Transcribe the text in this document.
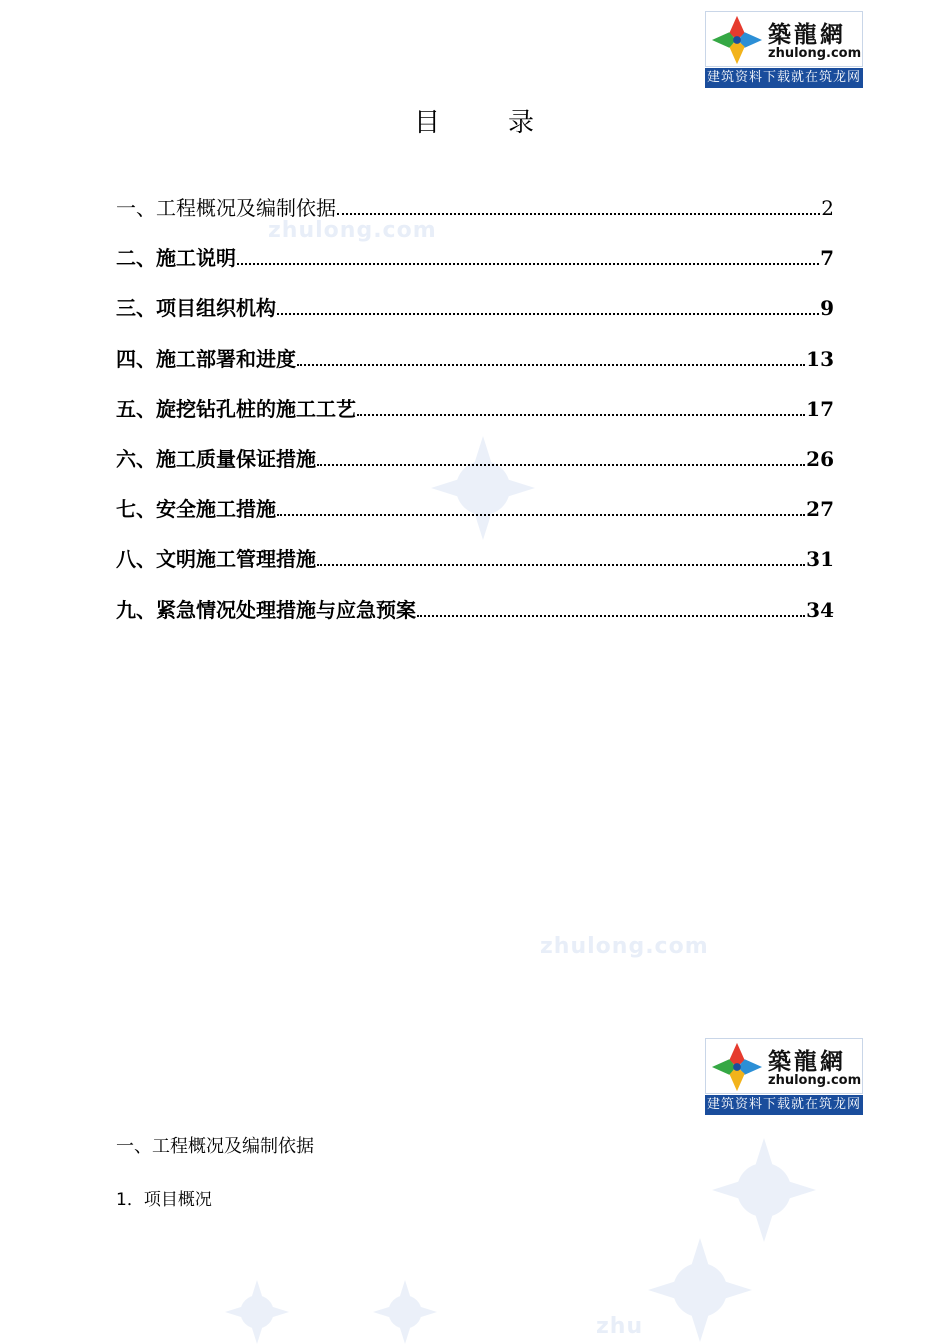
zhulong.com
zhulong.com
zhu
築龍網
zhulong.com
建筑资料下载就在筑龙网
目	录
一、工程概况及编制依据	2
二、施工说明	7
三、项目组织机构	9
四、施工部署和进度	13
五、旋挖钻孔桩的施工工艺	17
六、施工质量保证措施	26
七、安全施工措施	27
八、文明施工管理措施	31
九、紧急情况处理措施与应急预案	34
築龍網
zhulong.com
建筑资料下载就在筑龙网
一、工程概况及编制依据
1．项目概况
